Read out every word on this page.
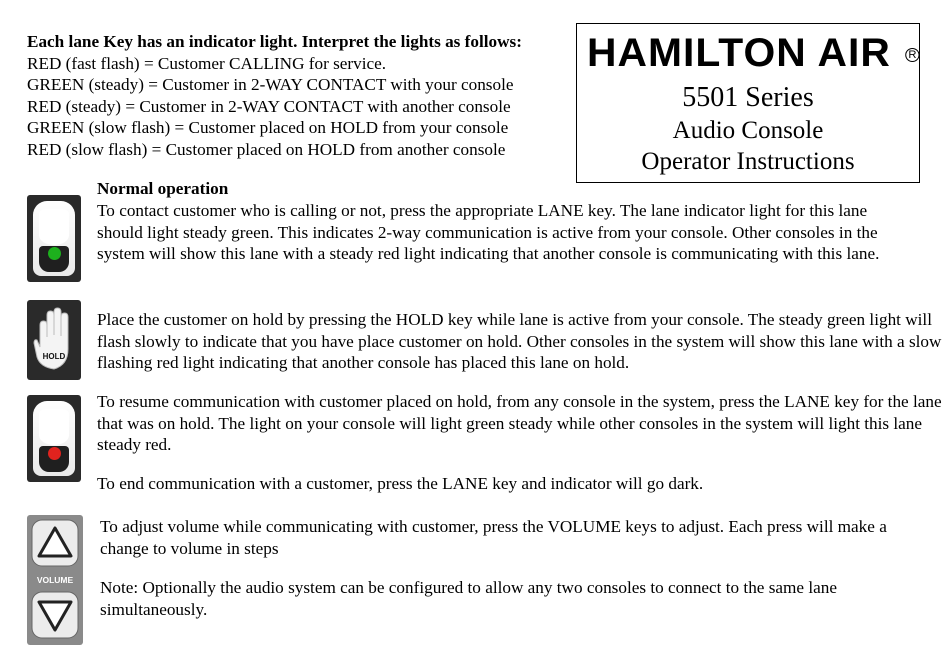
Each lane Key has an indicator light. Interpret the lights as follows:
RED (fast flash) = Customer CALLING for service.
GREEN (steady) = Customer in 2-WAY CONTACT with your console
RED (steady) = Customer in 2-WAY CONTACT with another console
GREEN (slow flash) = Customer placed on HOLD from your console
RED (slow flash) = Customer placed on HOLD from another console
HAMILTON AIR R
5501 Series
Audio Console
Operator Instructions
Normal operation
To contact customer who is calling or not, press the appropriate LANE key. The lane indicator light for this lane should light steady green. This indicates 2-way communication is active from your console. Other consoles in the system will show this lane with a steady red light indicating that another console is communicating with this lane.
HOLD
Place the customer on hold by pressing the HOLD key while lane is active from your console. The steady green light will flash slowly to indicate that you have place customer on hold. Other consoles in the system will show this lane with a slow flashing red light indicating that another console has placed this lane on hold.
To resume communication with customer placed on hold, from any console in the system, press the LANE key for the lane that was on hold. The light on your console will light green steady while other consoles in the system will light this lane steady red.
To end communication with a customer, press the LANE key and indicator will go dark.
VOLUME
To adjust volume while communicating with customer, press the VOLUME keys to adjust. Each press will make a change to volume in steps
Note: Optionally the audio system can be configured to allow any two consoles to connect to the same lane simultaneously.
